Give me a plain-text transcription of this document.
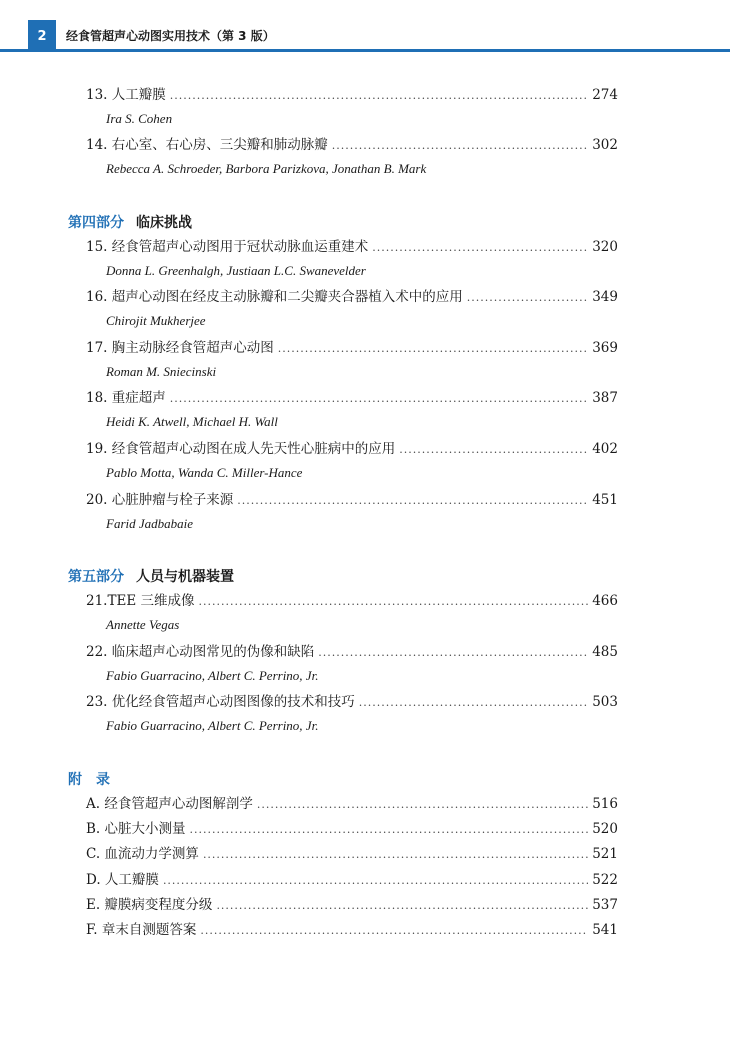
2	经食管超声心动图实用技术（第 3 版）
13. 人工瓣膜 .....	274
Ira S. Cohen
14. 右心室、右心房、三尖瓣和肺动脉瓣 .....	302
Rebecca A. Schroeder, Barbora Parizkova, Jonathan B. Mark
第四部分 临床挑战
15. 经食管超声心动图用于冠状动脉血运重建术 .....	320
Donna L. Greenhalgh, Justiaan L.C. Swanevelder
16. 超声心动图在经皮主动脉瓣和二尖瓣夹合器植入术中的应用 .....	349
Chirojit Mukherjee
17. 胸主动脉经食管超声心动图 .....	369
Roman M. Sniecinski
18. 重症超声 .....	387
Heidi K. Atwell, Michael H. Wall
19. 经食管超声心动图在成人先天性心脏病中的应用 .....	402
Pablo Motta, Wanda C. Miller-Hance
20. 心脏肿瘤与栓子来源 .....	451
Farid Jadbabaie
第五部分 人员与机器装置
21.TEE 三维成像 .....	466
Annette Vegas
22. 临床超声心动图常见的伪像和缺陷 .....	485
Fabio Guarracino, Albert C. Perrino, Jr.
23. 优化经食管超声心动图图像的技术和技巧 .....	503
Fabio Guarracino, Albert C. Perrino, Jr.
附　录
A. 经食管超声心动图解剖学 .....	516
B. 心脏大小测量 .....	520
C. 血流动力学测算 .....	521
D. 人工瓣膜 .....	522
E. 瓣膜病变程度分级 .....	537
F. 章末自测题答案 .....	541
